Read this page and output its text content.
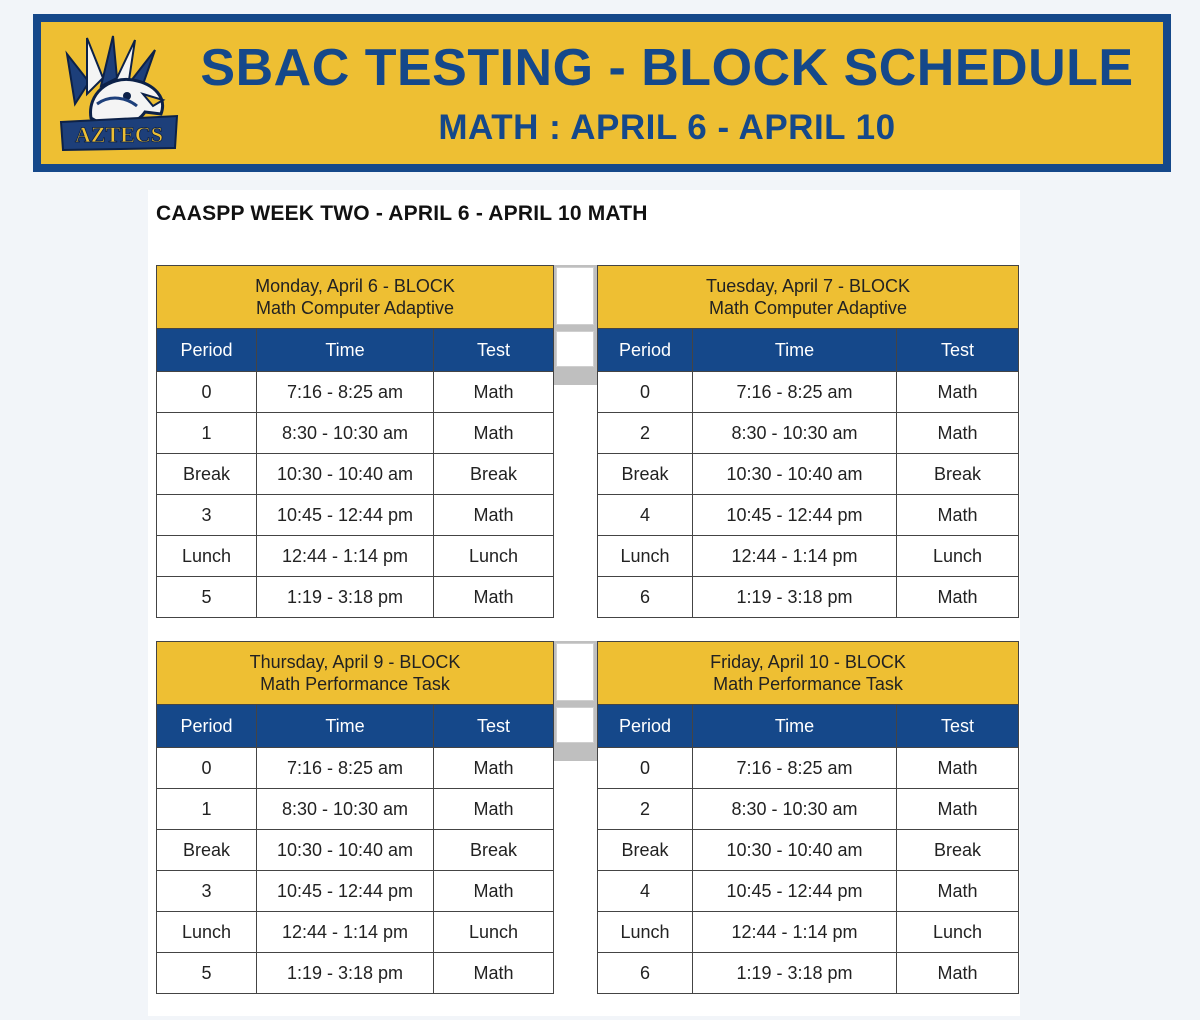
AZTECS
SBAC TESTING - BLOCK SCHEDULE
MATH : APRIL 6 - APRIL 10
CAASPP WEEK TWO - APRIL 6 - APRIL 10 MATH
Monday, April 6 - BLOCK
Math Computer Adaptive		
Period	Time	Test
0	7:16 - 8:25 am	Math
1	8:30 - 10:30 am	Math
Break	10:30 - 10:40 am	Break
3	10:45 - 12:44 pm	Math
Lunch	12:44 - 1:14 pm	Lunch
5	1:19 - 3:18 pm	Math
Tuesday, April 7 - BLOCK
Math Computer Adaptive		
Period	Time	Test
0	7:16 - 8:25 am	Math
2	8:30 - 10:30 am	Math
Break	10:30 - 10:40 am	Break
4	10:45 - 12:44 pm	Math
Lunch	12:44 - 1:14 pm	Lunch
6	1:19 - 3:18 pm	Math
Thursday, April 9 - BLOCK
Math Performance Task		
Period	Time	Test
0	7:16 - 8:25 am	Math
1	8:30 - 10:30 am	Math
Break	10:30 - 10:40 am	Break
3	10:45 - 12:44 pm	Math
Lunch	12:44 - 1:14 pm	Lunch
5	1:19 - 3:18 pm	Math
Friday, April 10 - BLOCK
Math Performance Task		
Period	Time	Test
0	7:16 - 8:25 am	Math
2	8:30 - 10:30 am	Math
Break	10:30 - 10:40 am	Break
4	10:45 - 12:44 pm	Math
Lunch	12:44 - 1:14 pm	Lunch
6	1:19 - 3:18 pm	Math
